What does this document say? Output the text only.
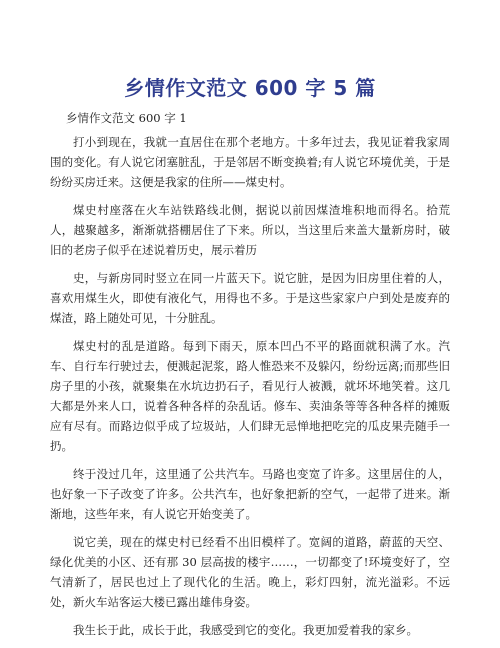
乡情作文范文 600 字 5 篇
乡情作文范文 600 字 1

打小到现在，我就一直居住在那个老地方。十多年过去，我见证着我家周围的变化。有人说它闭塞脏乱，于是邻居不断变换着;有人说它环境优美，于是纷纷买房迁来。这便是我家的住所——煤史村。

煤史村座落在火车站铁路线北侧，据说以前因煤渣堆积地而得名。拾荒人，越聚越多，渐渐就搭棚居住了下来。所以，当这里后来盖大量新房时，破旧的老房子似乎在述说着历史，展示着历

史，与新房同时竖立在同一片蓝天下。说它脏，是因为旧房里住着的人，喜欢用煤生火，即使有液化气，用得也不多。于是这些家家户户到处是废弃的煤渣，路上随处可见，十分脏乱。

煤史村的乱是道路。每到下雨天，原本凹凸不平的路面就积满了水。汽车、自行车行驶过去，便溅起泥浆，路人惟恐来不及躲闪，纷纷远离;而那些旧房子里的小孩，就聚集在水坑边扔石子，看见行人被溅，就坏坏地笑着。这几大都是外来人口，说着各种各样的杂乱话。修车、卖油条等等各种各样的摊贩应有尽有。而路边似乎成了垃圾站，人们肆无忌惮地把吃完的瓜皮果壳随手一扔。

终于没过几年，这里通了公共汽车。马路也变宽了许多。这里居住的人，也好象一下子改变了许多。公共汽车，也好象把新的空气，一起带了进来。渐渐地，这些年来，有人说它开始变美了。

说它美，现在的煤史村已经看不出旧模样了。宽阔的道路，蔚蓝的天空、绿化优美的小区、还有那 30 层高拔的楼宇……，一切都变了!环境变好了，空气清新了，居民也过上了现代化的生活。晚上，彩灯四射，流光溢彩。不远处，新火车站客运大楼已露出雄伟身姿。

我生长于此，成长于此，我感受到它的变化。我更加爱着我的家乡。
